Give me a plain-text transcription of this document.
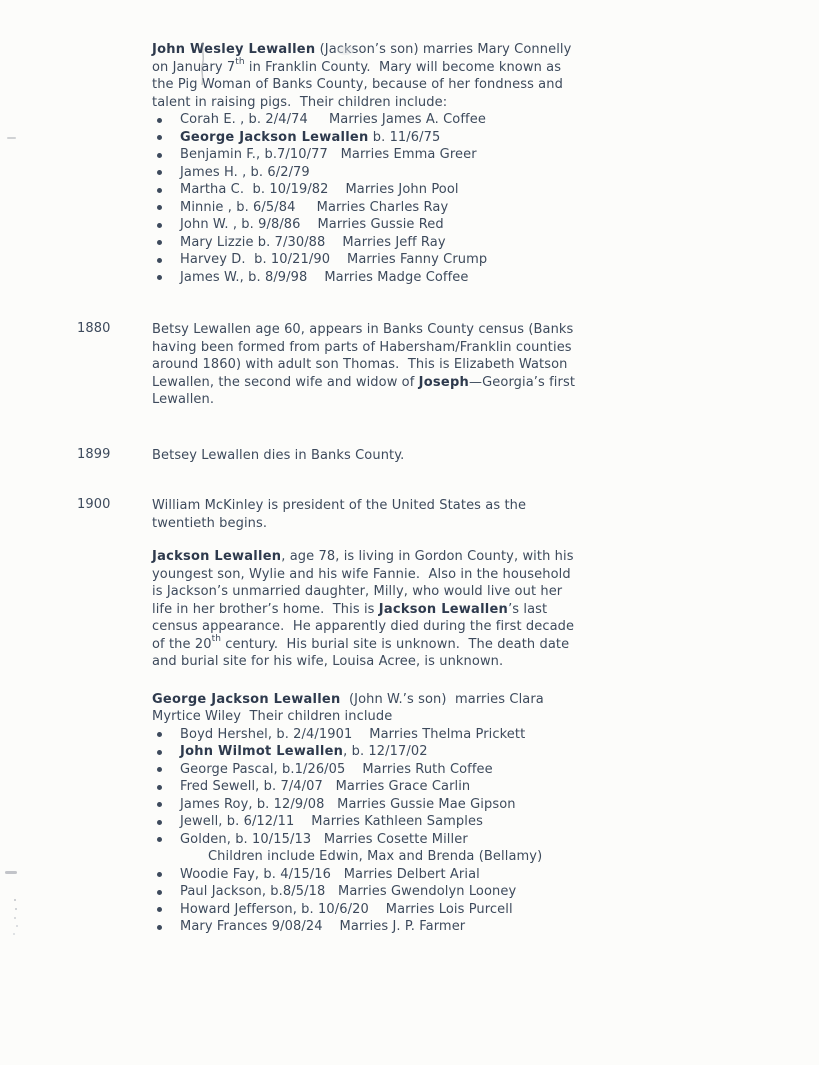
John Wesley Lewallen (Jackson’s son) marries Mary Connelly
on January 7th in Franklin County.  Mary will become known as
the Pig Woman of Banks County, because of her fondness and
talent in raising pigs.  Their children include:
Corah E. , b. 2/4/74     Marries James A. Coffee
George Jackson Lewallen b. 11/6/75
Benjamin F., b.7/10/77   Marries Emma Greer
James H. , b. 6/2/79
Martha C.  b. 10/19/82    Marries John Pool
Minnie , b. 6/5/84     Marries Charles Ray
John W. , b. 9/8/86    Marries Gussie Red
Mary Lizzie b. 7/30/88    Marries Jeff Ray
Harvey D.  b. 10/21/90    Marries Fanny Crump
James W., b. 8/9/98    Marries Madge Coffee
1880	Betsy Lewallen age 60, appears in Banks County census (Banks
having been formed from parts of Habersham/Franklin counties
around 1860) with adult son Thomas.  This is Elizabeth Watson
Lewallen, the second wife and widow of Joseph—Georgia’s first
Lewallen.
1899	Betsey Lewallen dies in Banks County.
1900	William McKinley is president of the United States as the
twentieth begins.
Jackson Lewallen, age 78, is living in Gordon County, with his
youngest son, Wylie and his wife Fannie.  Also in the household
is Jackson’s unmarried daughter, Milly, who would live out her
life in her brother’s home.  This is Jackson Lewallen’s last
census appearance.  He apparently died during the first decade
of the 20th century.  His burial site is unknown.  The death date
and burial site for his wife, Louisa Acree, is unknown.
George Jackson Lewallen  (John W.’s son)  marries Clara
Myrtice Wiley  Their children include
Boyd Hershel, b. 2/4/1901    Marries Thelma Prickett
John Wilmot Lewallen, b. 12/17/02
George Pascal, b.1/26/05    Marries Ruth Coffee
Fred Sewell, b. 7/4/07   Marries Grace Carlin
James Roy, b. 12/9/08   Marries Gussie Mae Gipson
Jewell, b. 6/12/11    Marries Kathleen Samples
Golden, b. 10/15/13   Marries Cosette Miller
Children include Edwin, Max and Brenda (Bellamy)
Woodie Fay, b. 4/15/16   Marries Delbert Arial
Paul Jackson, b.8/5/18   Marries Gwendolyn Looney
Howard Jefferson, b. 10/6/20    Marries Lois Purcell
Mary Frances 9/08/24    Marries J. P. Farmer
